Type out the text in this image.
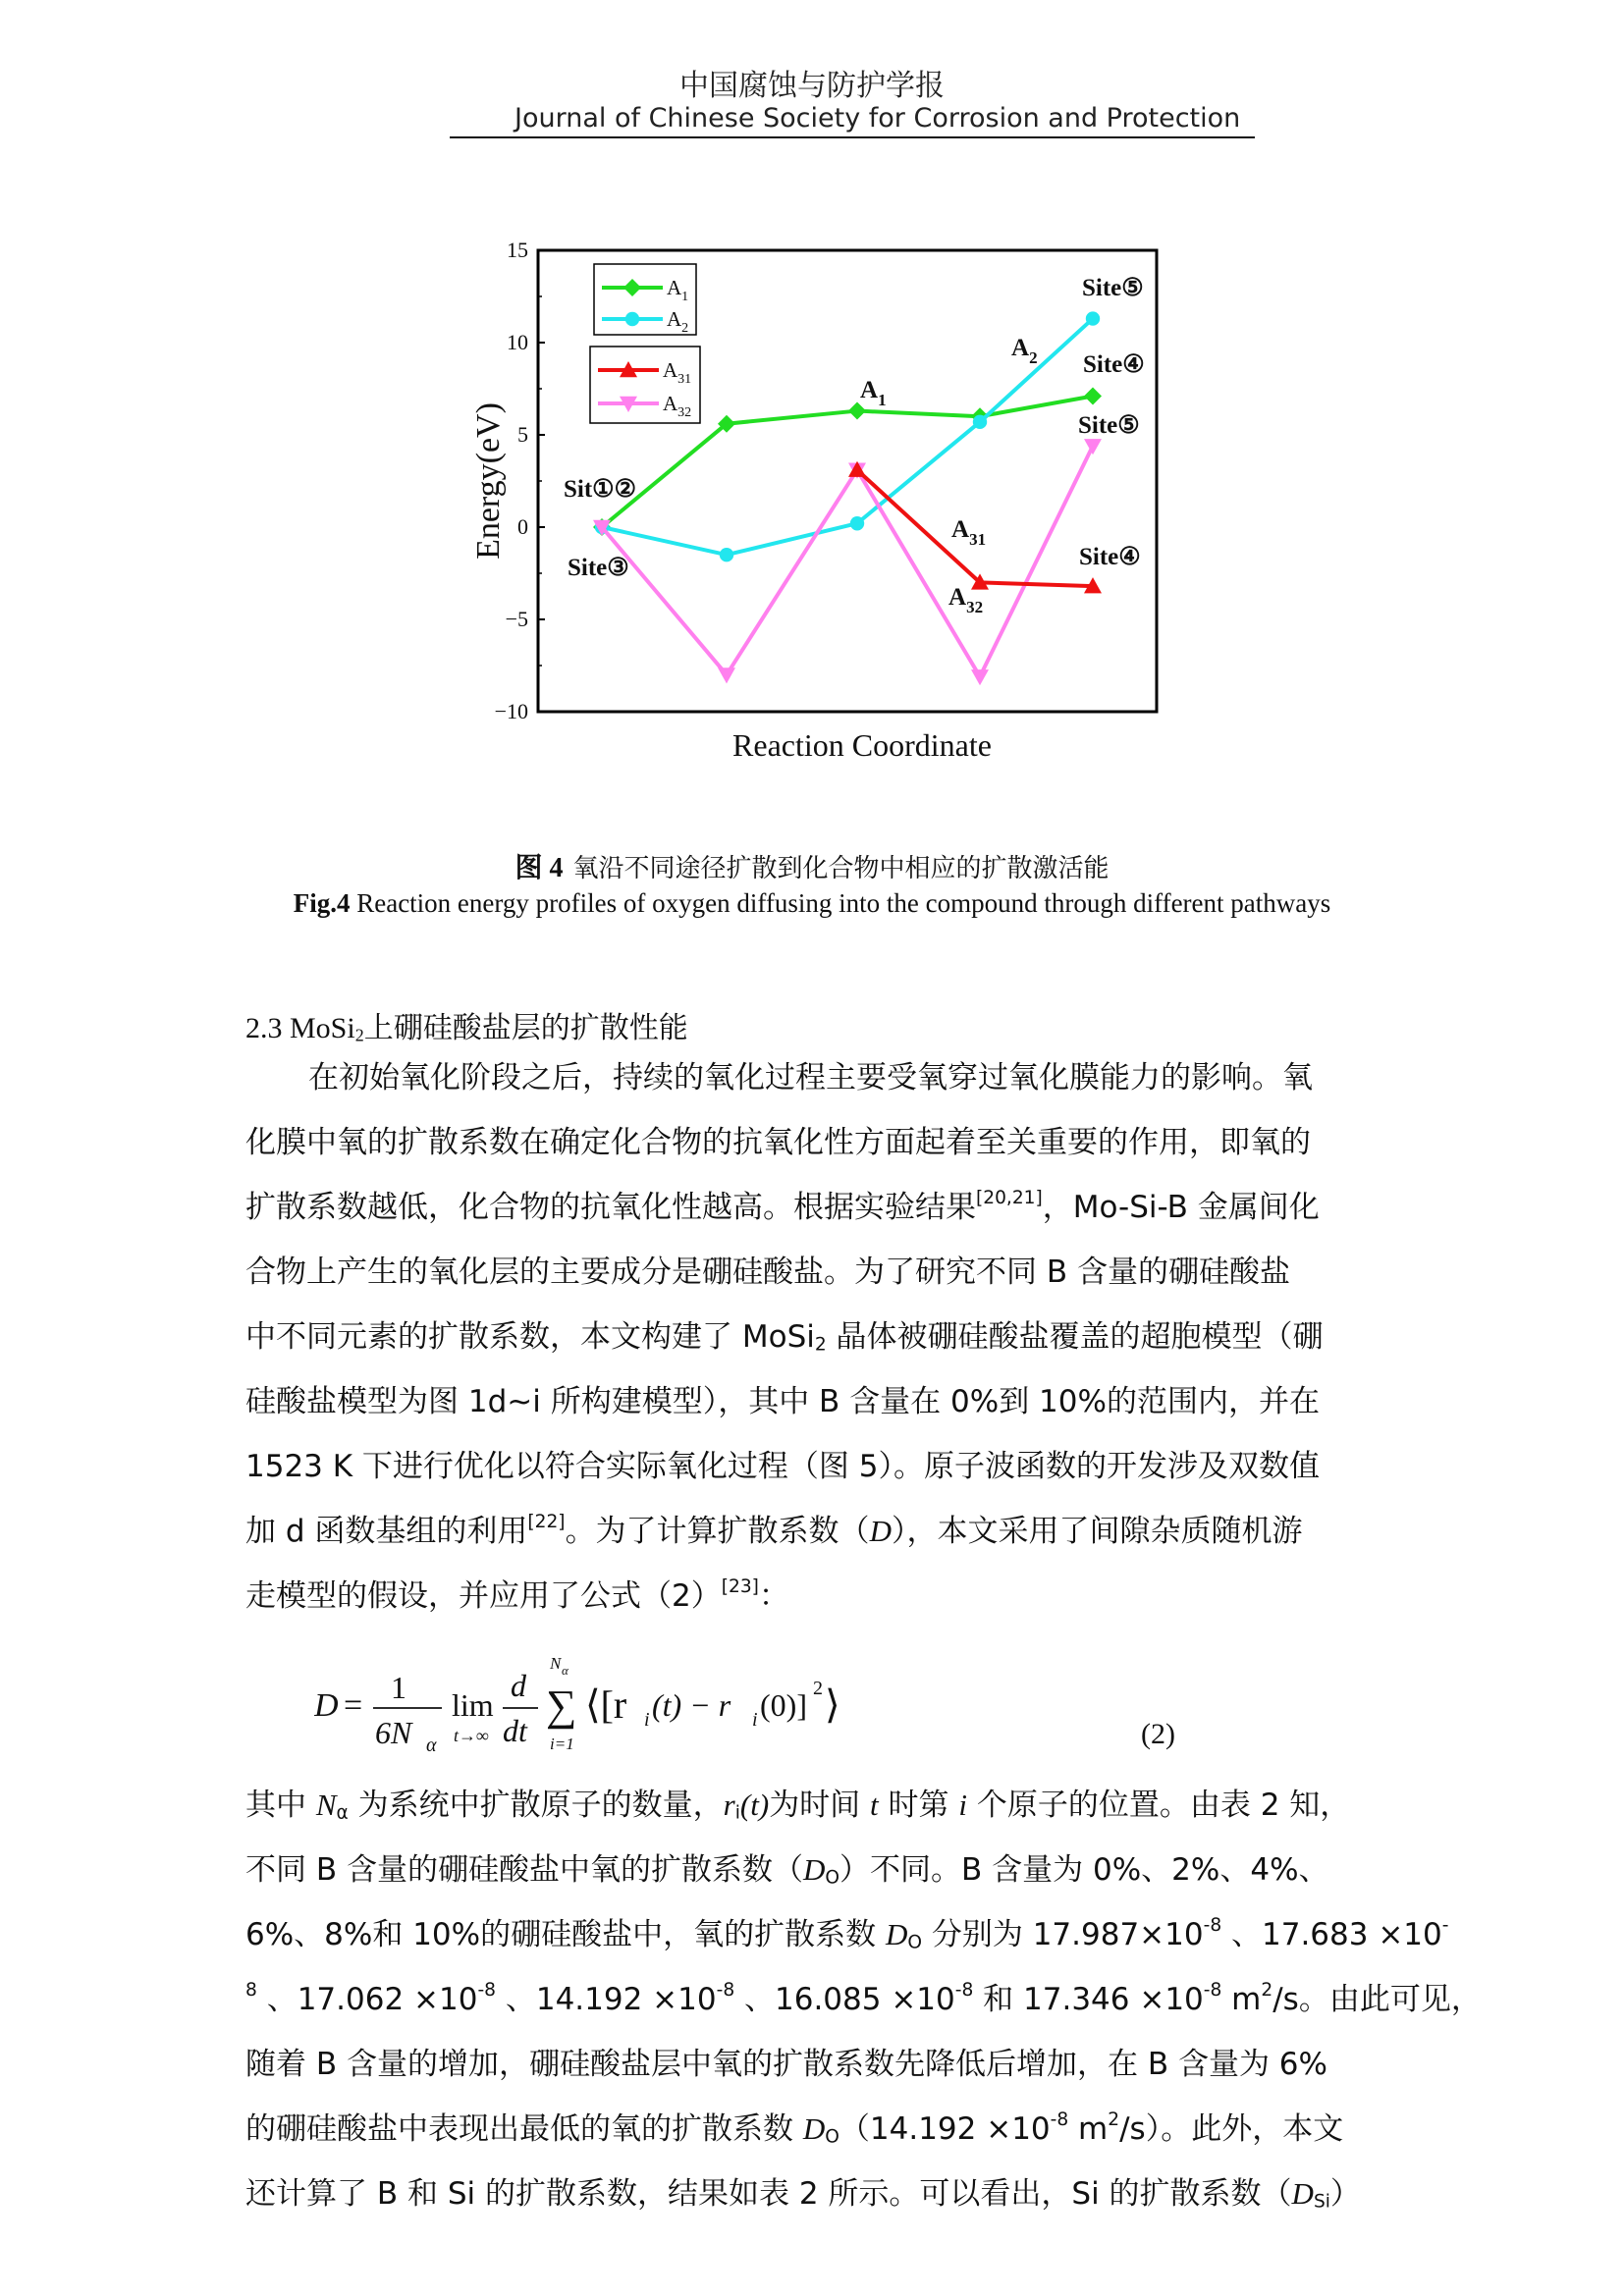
中国腐蚀与防护学报
Journal of Chinese Society for Corrosion and Protection
15
10
5
0
−5
−10
Energy(eV)
Reaction Coordinate
$A_1$
$A_2$
$A_{31}$
$A_{32}$
Sit①②
Site③
Site⑤
Site④
Site⑤
Site④
$A_2$
$A_1$
$A_{31}$
$A_{32}$
图 4 氧沿不同途径扩散到化合物中相应的扩散激活能
Fig.4 Reaction energy profiles of oxygen diffusing into the compound through different pathways
2.3 MoSi$_2$上硼硅酸盐层的扩散性能
在初始氧化阶段之后，持续的氧化过程主要受氧穿过氧化膜能力的影响。氧
化膜中氧的扩散系数在确定化合物的抗氧化性方面起着至关重要的作用，即氧的
扩散系数越低，化合物的抗氧化性越高。根据实验结果[20,21]，Mo-Si-B 金属间化
合物上产生的氧化层的主要成分是硼硅酸盐。为了研究不同 B 含量的硼硅酸盐
中不同元素的扩散系数，本文构建了 MoSi$_2$ 晶体被硼硅酸盐覆盖的超胞模型（硼
硅酸盐模型为图 1d~i 所构建模型），其中 B 含量在 0%到 10%的范围内，并在
1523 K 下进行优化以符合实际氧化过程（图 5）。原子波函数的开发涉及双数值
加 d 函数基组的利用[22]。为了计算扩散系数（D），本文采用了间隙杂质随机游
走模型的假设，并应用了公式（2）[23]：
D = 1
6N α
lim
t→∞
d
dt
N α
∑
i=1
⟨[r i (t) − r i (0)] 2 ⟩
(2)
其中 $N_\alpha$ 为系统中扩散原子的数量，$r_i(t)$为时间 t 时第 i 个原子的位置。由表 2 知，
不同 B 含量的硼硅酸盐中氧的扩散系数$(D_O)$不同。B 含量为 0%、2%、4%、
6%、8%和 10%的硼硅酸盐中，氧的扩散系数 $D_O$ 分别为 $17.987\times 10^{-8}$ 、17.683 ×10-
$^8$ 、$17.062 \times 10^{-8}$ 、$14.192 \times 10^{-8}$ 、$16.085 \times 10^{-8}$ 和 $17.346 \times 10^{-8}$ $m^2/s$。由此可见，
随着 B 含量的增加，硼硅酸盐层中氧的扩散系数先降低后增加，在 B 含量为 6%
的硼硅酸盐中表现出最低的氧的扩散系数 $D_O(14.192 \times 10^{-8}$ $m^2/s$）。此外，本文
还计算了 B 和 Si 的扩散系数，结果如表 2 所示。可以看出，Si 的扩散系数$(D_{Si})$
